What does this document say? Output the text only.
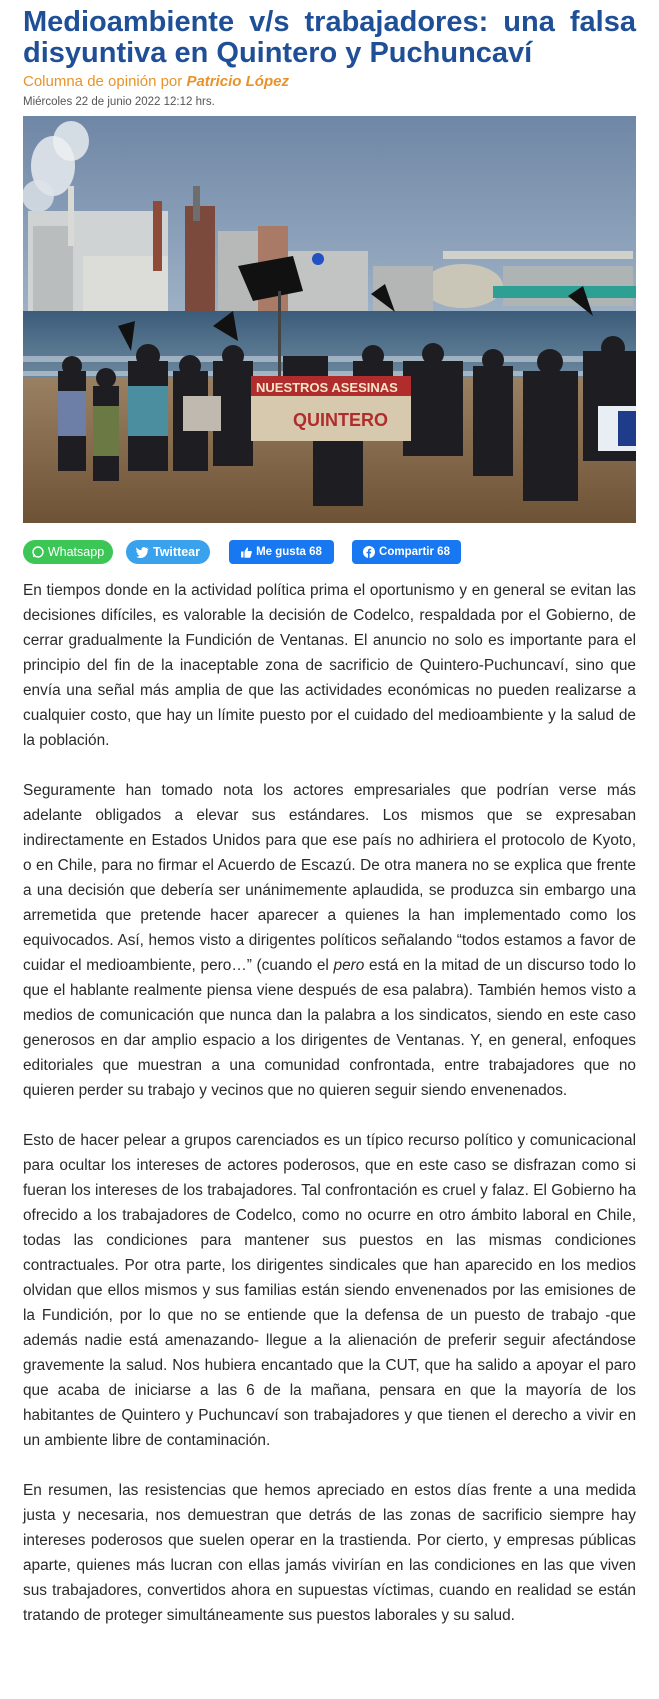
Medioambiente v/s trabajadores: una falsa disyuntiva en Quintero y Puchuncaví
Columna de opinión por Patricio López
Miércoles 22 de junio 2022 12:12 hrs.
NUESTROS ASESINAS
QUINTERO
Whatsapp	Twittear	Me gusta 68	Compartir 68

En tiempos donde en la actividad política prima el oportunismo y en general se evitan las decisiones difíciles, es valorable la decisión de Codelco, respaldada por el Gobierno, de cerrar gradualmente la Fundición de Ventanas. El anuncio no solo es importante para el principio del fin de la inaceptable zona de sacrificio de Quintero-Puchuncaví, sino que envía una señal más amplia de que las actividades económicas no pueden realizarse a cualquier costo, que hay un límite puesto por el cuidado del medioambiente y la salud de la población.

Seguramente han tomado nota los actores empresariales que podrían verse más adelante obligados a elevar sus estándares. Los mismos que se expresaban indirectamente en Estados Unidos para que ese país no adhiriera el protocolo de Kyoto, o en Chile, para no firmar el Acuerdo de Escazú. De otra manera no se explica que frente a una decisión que debería ser unánimemente aplaudida, se produzca sin embargo una arremetida que pretende hacer aparecer a quienes la han implementado como los equivocados. Así, hemos visto a dirigentes políticos señalando “todos estamos a favor de cuidar el medioambiente, pero…” (cuando el pero está en la mitad de un discurso todo lo que el hablante realmente piensa viene después de esa palabra). También hemos visto a medios de comunicación que nunca dan la palabra a los sindicatos, siendo en este caso generosos en dar amplio espacio a los dirigentes de Ventanas. Y, en general, enfoques editoriales que muestran a una comunidad confrontada, entre trabajadores que no quieren perder su trabajo y vecinos que no quieren seguir siendo envenenados.

Esto de hacer pelear a grupos carenciados es un típico recurso político y comunicacional para ocultar los intereses de actores poderosos, que en este caso se disfrazan como si fueran los intereses de los trabajadores. Tal confrontación es cruel y falaz. El Gobierno ha ofrecido a los trabajadores de Codelco, como no ocurre en otro ámbito laboral en Chile, todas las condiciones para mantener sus puestos en las mismas condiciones contractuales. Por otra parte, los dirigentes sindicales que han aparecido en los medios olvidan que ellos mismos y sus familias están siendo envenenados por las emisiones de la Fundición, por lo que no se entiende que la defensa de un puesto de trabajo -que además nadie está amenazando- llegue a la alienación de preferir seguir afectándose gravemente la salud. Nos hubiera encantado que la CUT, que ha salido a apoyar el paro que acaba de iniciarse a las 6 de la mañana, pensara en que la mayoría de los habitantes de Quintero y Puchuncaví son trabajadores y que tienen el derecho a vivir en un ambiente libre de contaminación.

En resumen, las resistencias que hemos apreciado en estos días frente a una medida justa y necesaria, nos demuestran que detrás de las zonas de sacrificio siempre hay intereses poderosos que suelen operar en la trastienda. Por cierto, y empresas públicas aparte, quienes más lucran con ellas jamás vivirían en las condiciones en las que viven sus trabajadores, convertidos ahora en supuestas víctimas, cuando en realidad se están tratando de proteger simultáneamente sus puestos laborales y su salud.
